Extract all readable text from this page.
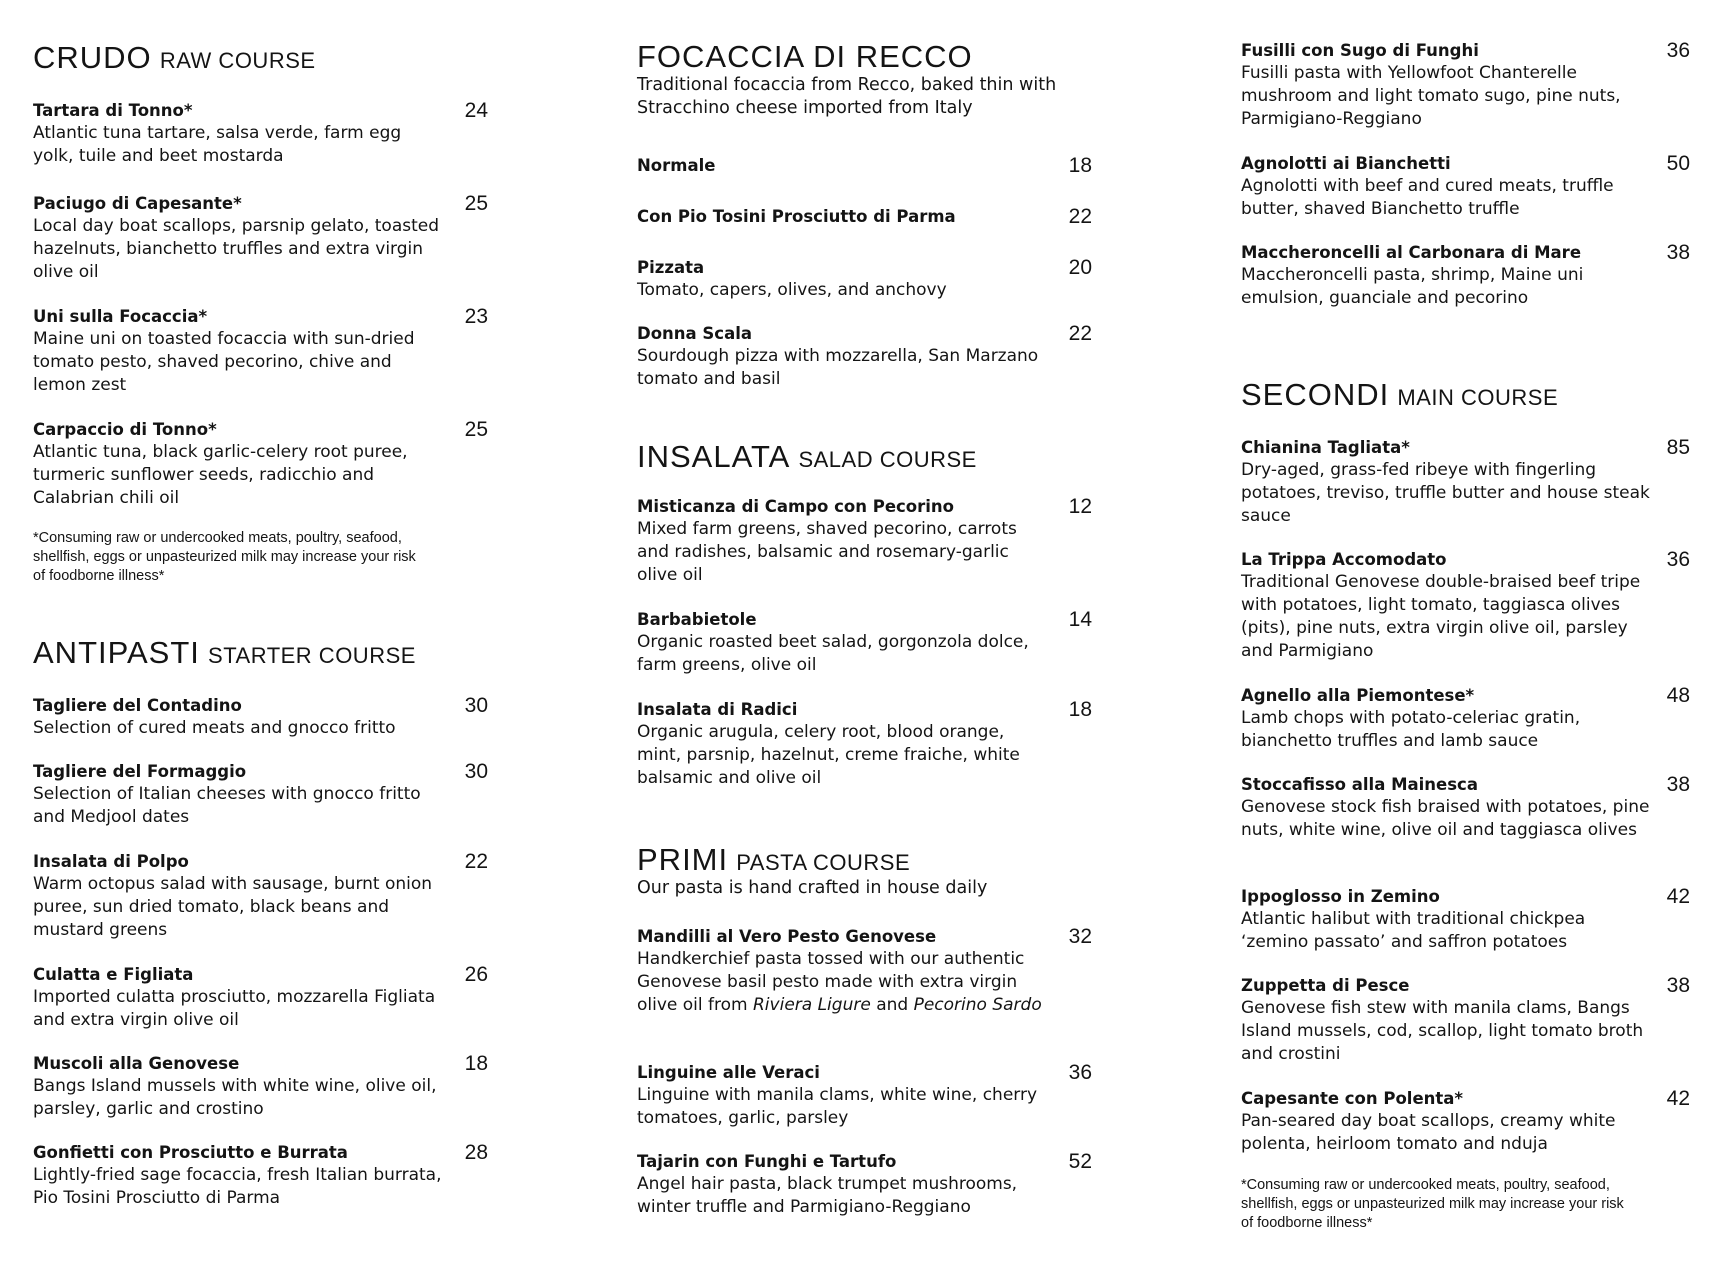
CRUDO RAW COURSE
Tartara di Tonno*
Atlantic tuna tartare, salsa verde, farm egg yolk, tuile and beet mostarda
24
Paciugo di Capesante*
Local day boat scallops, parsnip gelato, toasted hazelnuts, bianchetto truffles and extra virgin olive oil
25
Uni sulla Focaccia*
Maine uni on toasted focaccia with sun-dried tomato pesto, shaved pecorino, chive and lemon zest
23
Carpaccio di Tonno*
Atlantic tuna, black garlic-celery root puree, turmeric sunflower seeds, radicchio and Calabrian chili oil
25
*Consuming raw or undercooked meats, poultry, seafood, shellfish, eggs or unpasteurized milk may increase your risk of foodborne illness*
ANTIPASTI STARTER COURSE
Tagliere del Contadino
Selection of cured meats and gnocco fritto
30
Tagliere del Formaggio
Selection of Italian cheeses with gnocco fritto and Medjool dates
30
Insalata di Polpo
Warm octopus salad with sausage, burnt onion puree, sun dried tomato, black beans and mustard greens
22
Culatta e Figliata
Imported culatta prosciutto, mozzarella Figliata and extra virgin olive oil
26
Muscoli alla Genovese
Bangs Island mussels with white wine, olive oil, parsley, garlic and crostino
18
Gonfietti con Prosciutto e Burrata
Lightly-fried sage focaccia, fresh Italian burrata, Pio Tosini Prosciutto di Parma
28
FOCACCIA DI RECCO
Traditional focaccia from Recco, baked thin with Stracchino cheese imported from Italy
Normale	18
Con Pio Tosini Prosciutto di Parma	22
Pizzata
Tomato, capers, olives, and anchovy
20
Donna Scala
Sourdough pizza with mozzarella, San Marzano tomato and basil
22
INSALATA SALAD COURSE
Misticanza di Campo con Pecorino
Mixed farm greens, shaved pecorino, carrots and radishes, balsamic and rosemary-garlic olive oil
12
Barbabietole
Organic roasted beet salad, gorgonzola dolce, farm greens, olive oil
14
Insalata di Radici
Organic arugula, celery root, blood orange, mint, parsnip, hazelnut, creme fraiche, white balsamic and olive oil
18
PRIMI PASTA COURSE
Our pasta is hand crafted in house daily
Mandilli al Vero Pesto Genovese
Handkerchief pasta tossed with our authentic Genovese basil pesto made with extra virgin olive oil from Riviera Ligure and Pecorino Sardo
32
Linguine alle Veraci
Linguine with manila clams, white wine, cherry tomatoes, garlic, parsley
36
Tajarin con Funghi e Tartufo
Angel hair pasta, black trumpet mushrooms, winter truffle and Parmigiano-Reggiano
52
Fusilli con Sugo di Funghi
Fusilli pasta with Yellowfoot Chanterelle mushroom and light tomato sugo, pine nuts, Parmigiano-Reggiano
36
Agnolotti ai Bianchetti
Agnolotti with beef and cured meats, truffle butter, shaved Bianchetto truffle
50
Maccheroncelli al Carbonara di Mare
Maccheroncelli pasta, shrimp, Maine uni emulsion, guanciale and pecorino
38
SECONDI MAIN COURSE
Chianina Tagliata*
Dry-aged, grass-fed ribeye with fingerling potatoes, treviso, truffle butter and house steak sauce
85
La Trippa Accomodato
Traditional Genovese double-braised beef tripe with potatoes, light tomato, taggiasca olives (pits), pine nuts, extra virgin olive oil, parsley and Parmigiano
36
Agnello alla Piemontese*
Lamb chops with potato-celeriac gratin, bianchetto truffles and lamb sauce
48
Stoccafisso alla Mainesca
Genovese stock fish braised with potatoes, pine nuts, white wine, olive oil and taggiasca olives
38
Ippoglosso in Zemino
Atlantic halibut with traditional chickpea ‘zemino passato’ and saffron potatoes
42
Zuppetta di Pesce
Genovese fish stew with manila clams, Bangs Island mussels, cod, scallop, light tomato broth and crostini
38
Capesante con Polenta*
Pan-seared day boat scallops, creamy white polenta, heirloom tomato and nduja
42
*Consuming raw or undercooked meats, poultry, seafood, shellfish, eggs or unpasteurized milk may increase your risk of foodborne illness*
